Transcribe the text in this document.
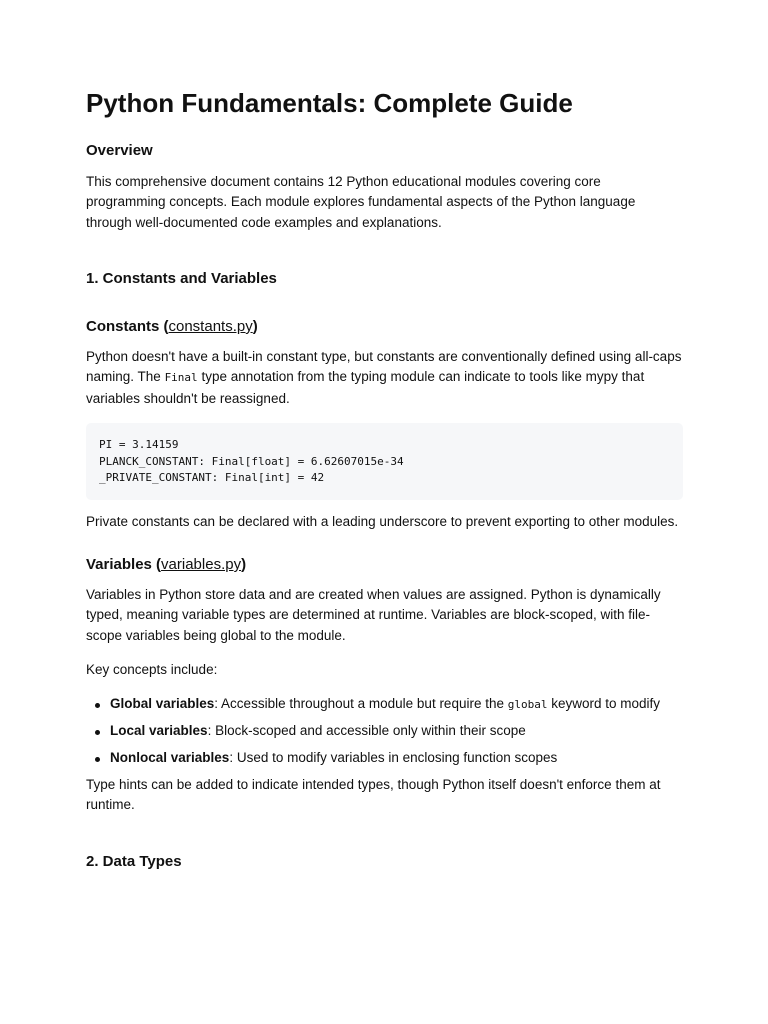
Python Fundamentals: Complete Guide
Overview

This comprehensive document contains 12 Python educational modules covering core programming concepts. Each module explores fundamental aspects of the Python language through well-documented code examples and explanations.

1. Constants and Variables
Constants (constants.py)

Python doesn't have a built-in constant type, but constants are conventionally defined using all-caps naming. The Final type annotation from the typing module can indicate to tools like mypy that variables shouldn't be reassigned.

PI = 3.14159
PLANCK_CONSTANT: Final[float] = 6.62607015e-34
_PRIVATE_CONSTANT: Final[int] = 42

Private constants can be declared with a leading underscore to prevent exporting to other modules.

Variables (variables.py)

Variables in Python store data and are created when values are assigned. Python is dynamically typed, meaning variable types are determined at runtime. Variables are block-scoped, with file-scope variables being global to the module.

Key concepts include:

Global variables: Accessible throughout a module but require the global keyword to modify
Local variables: Block-scoped and accessible only within their scope
Nonlocal variables: Used to modify variables in enclosing function scopes

Type hints can be added to indicate intended types, though Python itself doesn't enforce them at runtime.

2. Data Types
